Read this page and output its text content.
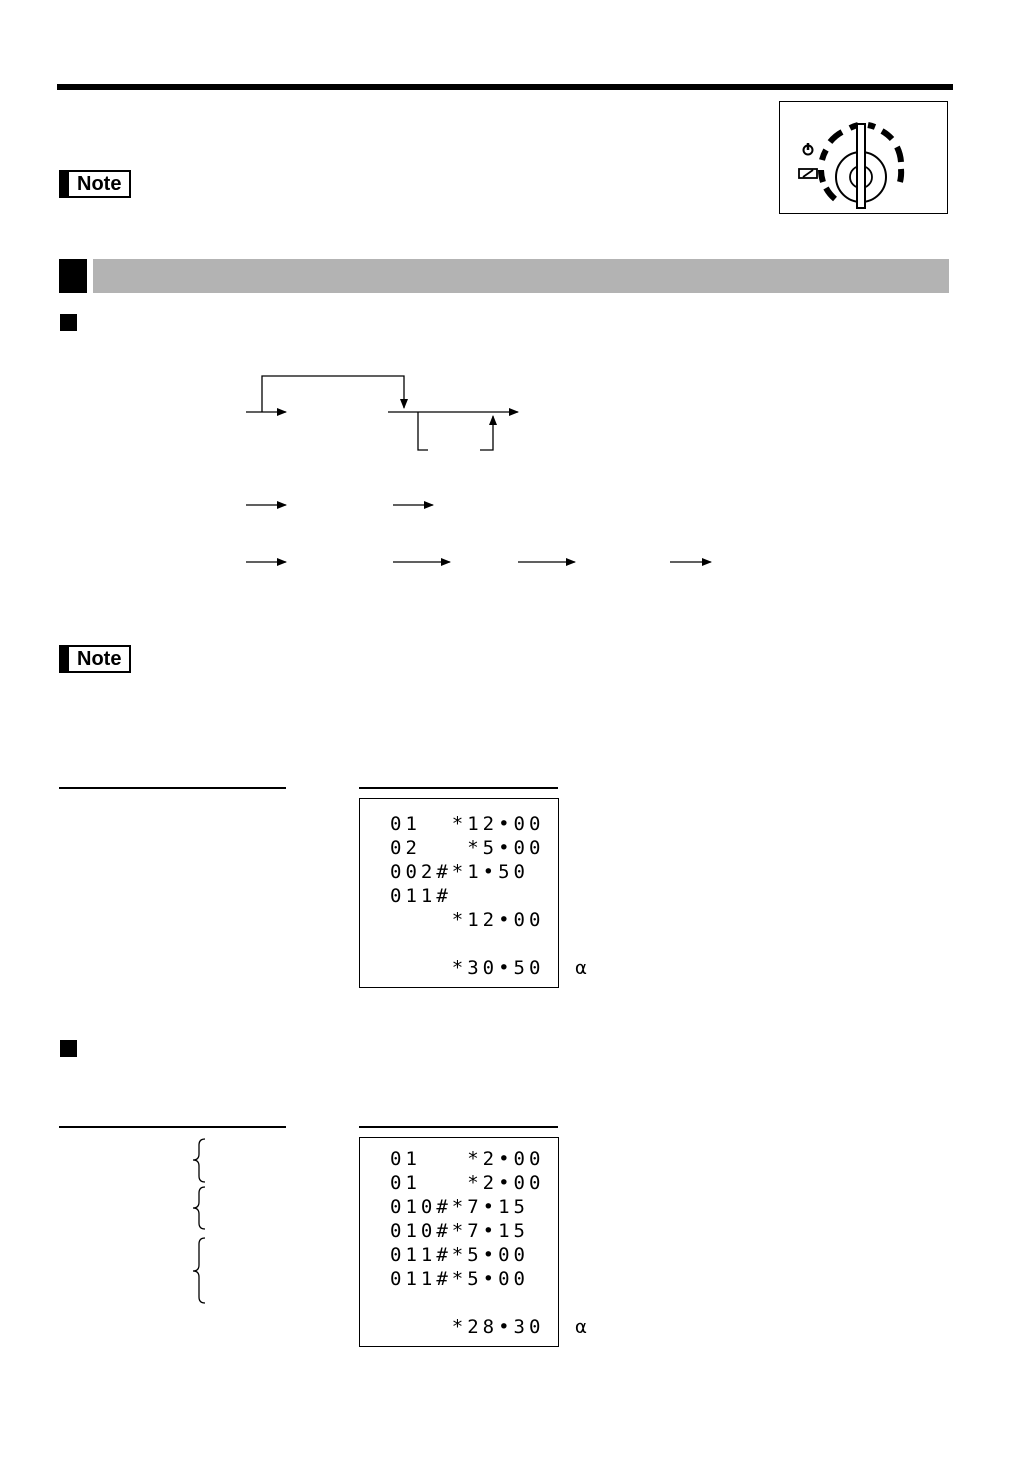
Note
Note
01  *12•00
02   *5•00
002#*1•50
011#
*12•00
*30•50  α
01   *2•00
01   *2•00
010#*7•15
010#*7•15
011#*5•00
011#*5•00
*28•30  α
